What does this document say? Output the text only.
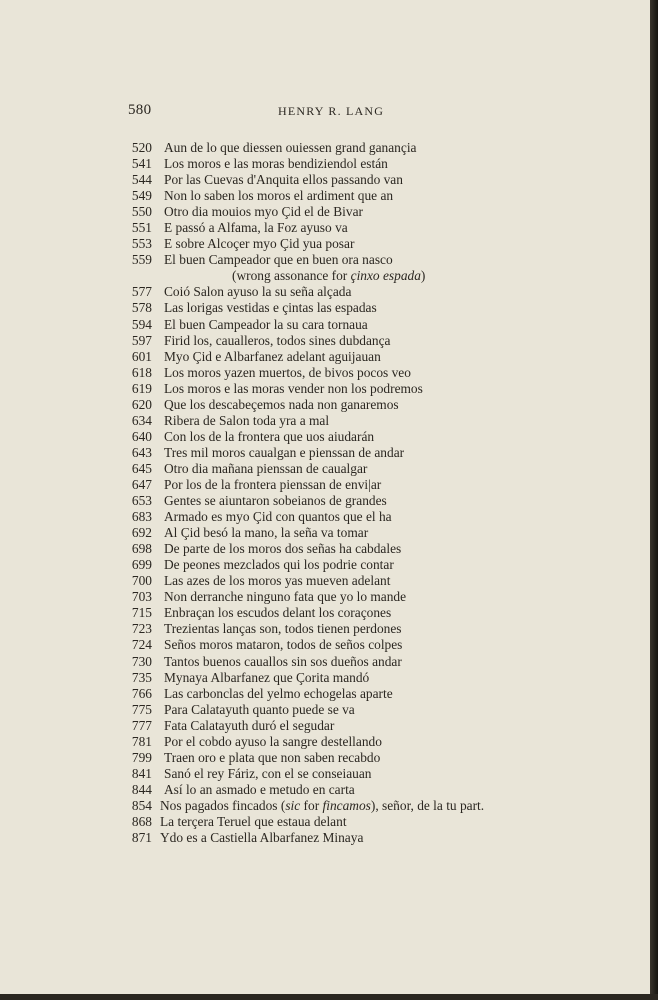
580	HENRY R. LANG
520 Aun de lo que diessen ouiessen grand ganançia
541 Los moros e las moras bendiziendol están
544 Por las Cuevas d'Anquita ellos passando van
549 Non lo saben los moros el ardiment que an
550 Otro dia mouios myo Çid el de Bivar
551 E passó a Alfama, la Foz ayuso va
553 E sobre Alcoçer myo Çid yua posar
559 El buen Campeador que en buen ora nasco
(wrong assonance for çinxo espada)
577 Coió Salon ayuso la su seña alçada
578 Las lorigas vestidas e çintas las espadas
594 El buen Campeador la su cara tornaua
597 Firid los, caualleros, todos sines dubdança
601 Myo Çid e Albarfanez adelant aguijauan
618 Los moros yazen muertos, de bivos pocos veo
619 Los moros e las moras vender non los podremos
620 Que los descabeçemos nada non ganaremos
634 Ribera de Salon toda yra a mal
640 Con los de la frontera que uos aiudarán
643 Tres mil moros caualgan e pienssan de andar
645 Otro dia mañana pienssan de caualgar
647 Por los de la frontera pienssan de envi|ar
653 Gentes se aiuntaron sobeianos de grandes
683 Armado es myo Çid con quantos que el ha
692 Al Çid besó la mano, la seña va tomar
698 De parte de los moros dos señas ha cabdales
699 De peones mezclados qui los podrie contar
700 Las azes de los moros yas mueven adelant
703 Non derranche ninguno fata que yo lo mande
715 Enbraçan los escudos delant los coraçones
723 Trezientas lanças son, todos tienen perdones
724 Seños moros mataron, todos de seños colpes
730 Tantos buenos cauallos sin sos dueños andar
735 Mynaya Albarfanez que Çorita mandó
766 Las carbonclas del yelmo echogelas aparte
775 Para Calatayuth quanto puede se va
777 Fata Calatayuth duró el segudar
781 Por el cobdo ayuso la sangre destellando
799 Traen oro e plata que non saben recabdo
841 Sanó el rey Fáriz, con el se conseiauan
844 Así lo an asmado e metudo en carta
854 Nos pagados fincados (sic for fincamos), señor, de la tu part.
868 La terçera Teruel que estaua delant
871 Ydo es a Castiella Albarfanez Minaya
